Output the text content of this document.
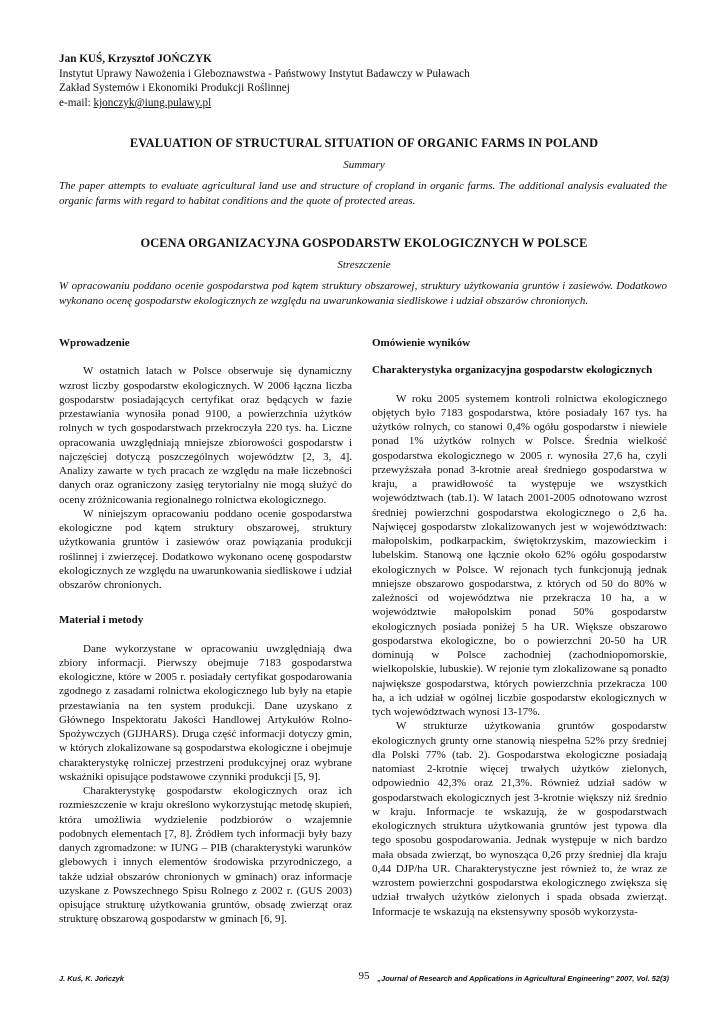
Jan KUŚ, Krzysztof JOŃCZYK
Instytut Uprawy Nawożenia i Gleboznawstwa - Państwowy Instytut Badawczy w Puławach
Zakład Systemów i Ekonomiki Produkcji Roślinnej
e-mail: kjonczyk@iung.pulawy.pl
EVALUATION OF STRUCTURAL SITUATION OF ORGANIC FARMS IN POLAND
Summary
The paper attempts to evaluate agricultural land use and structure of cropland in organic farms. The additional analysis evaluated the organic farms with regard to habitat conditions and the quote of protected areas.
OCENA ORGANIZACYJNA GOSPODARSTW EKOLOGICZNYCH W POLSCE
Streszczenie
W opracowaniu poddano ocenie gospodarstwa pod kątem struktury obszarowej, struktury użytkowania gruntów i zasiewów. Dodatkowo wykonano ocenę gospodarstw ekologicznych ze względu na uwarunkowania siedliskowe i udział obszarów chronionych.
Wprowadzenie

W ostatnich latach w Polsce obserwuje się dynamiczny wzrost liczby gospodarstw ekologicznych. W 2006 łączna liczba gospodarstw posiadających certyfikat oraz będących w fazie przestawiania wynosiła ponad 9100, a powierzchnia użytków rolnych w tych gospodarstwach przekroczyła 220 tys. ha. Liczne opracowania uwzględniają mniejsze zbiorowości gospodarstw i najczęściej dotyczą poszczególnych województw [2, 3, 4]. Analizy zawarte w tych pracach ze względu na małe liczebności danych oraz ograniczony zasięg terytorialny nie mogą służyć do oceny zróżnicowania regionalnego rolnictwa ekologicznego.

W niniejszym opracowaniu poddano ocenie gospodarstwa ekologiczne pod kątem struktury obszarowej, struktury użytkowania gruntów i zasiewów oraz powiązania produkcji roślinnej i zwierzęcej. Dodatkowo wykonano ocenę gospodarstw ekologicznych ze względu na uwarunkowania siedliskowe i udział obszarów chronionych.

Materiał i metody

Dane wykorzystane w opracowaniu uwzględniają dwa zbiory informacji. Pierwszy obejmuje 7183 gospodarstwa ekologiczne, które w 2005 r. posiadały certyfikat gospodarowania zgodnego z zasadami rolnictwa ekologicznego lub były na etapie przestawiania na ten system produkcji. Dane uzyskano z Głównego Inspektoratu Jakości Handlowej Artykułów Rolno-Spożywczych (GIJHARS). Druga część informacji dotyczy gmin, w których zlokalizowane są gospodarstwa ekologiczne i obejmuje charakterystykę rolniczej przestrzeni produkcyjnej oraz wybrane wskaźniki opisujące podstawowe czynniki produkcji [5, 9].

Charakterystykę gospodarstw ekologicznych oraz ich rozmieszczenie w kraju określono wykorzystując metodę skupień, która umożliwia wydzielenie podzbiorów o wzajemnie podobnych elementach [7, 8]. Źródłem tych informacji były bazy danych zgromadzone: w IUNG – PIB (charakterystyki warunków glebowych i innych elementów środowiska przyrodniczego, a także udział obszarów chronionych w gminach) oraz informacje uzyskane z Powszechnego Spisu Rolnego z 2002 r. (GUS 2003) opisujące strukturę użytkowania gruntów, obsadę zwierząt oraz strukturę obszarową gospodarstw w gminach [6, 9].

Omówienie wyników
Charakterystyka organizacyjna gospodarstw ekologicznych

W roku 2005 systemem kontroli rolnictwa ekologicznego objętych było 7183 gospodarstwa, które posiadały 167 tys. ha użytków rolnych, co stanowi 0,4% ogółu gospodarstw i niewiele ponad 1% użytków rolnych w Polsce. Średnia wielkość gospodarstwa ekologicznego w 2005 r. wynosiła 27,6 ha, czyli przewyższała ponad 3-krotnie areał średniego gospodarstwa w kraju, a prawidłowość ta występuje we wszystkich województwach (tab.1). W latach 2001-2005 odnotowano wzrost średniej powierzchni gospodarstwa ekologicznego o 2,6 ha. Najwięcej gospodarstw zlokalizowanych jest w województwach: małopolskim, podkarpackim, świętokrzyskim, mazowieckim i lubelskim. Stanową one łącznie około 62% ogółu gospodarstw ekologicznych w Polsce. W rejonach tych funkcjonują jednak mniejsze obszarowo gospodarstwa, z których od 50 do 80% w zależności od województwa nie przekracza 10 ha, a w województwie małopolskim ponad 50% gospodarstw ekologicznych posiada poniżej 5 ha UR. Większe obszarowo gospodarstwa ekologiczne, bo o powierzchni 20-50 ha UR dominują w Polsce zachodniej (zachodniopomorskie, wielkopolskie, lubuskie). W rejonie tym zlokalizowane są ponadto największe gospodarstwa, których powierzchnia przekracza 100 ha, a ich udział w ogólnej liczbie gospodarstw ekologicznych w tych województwach wynosi 13-17%.

W strukturze użytkowania gruntów gospodarstw ekologicznych grunty orne stanowią niespełna 52% przy średniej dla Polski 77% (tab. 2). Gospodarstwa ekologiczne posiadają natomiast 2-krotnie więcej trwałych użytków zielonych, odpowiednio 42,3% oraz 21,3%. Również udział sadów w gospodarstwach ekologicznych jest 3-krotnie większy niż średnio w kraju. Informacje te wskazują, że w gospodarstwach ekologicznych struktura użytkowania gruntów jest typowa dla tego sposobu gospodarowania. Jednak występuje w nich bardzo mała obsada zwierząt, bo wynosząca 0,26 przy średniej dla kraju 0,44 DJP/ha UR. Charakterystyczne jest również to, że wraz ze wzrostem powierzchni gospodarstwa ekologicznego zwiększa się udział trwałych użytków zielonych i spada obsada zwierząt. Informacje te wskazują na ekstensywny sposób wykorzysta-

J. Kuś, K. Jończyk	95	„Journal of Research and Applications in Agricultural Engineering” 2007, Vol. 52(3)
